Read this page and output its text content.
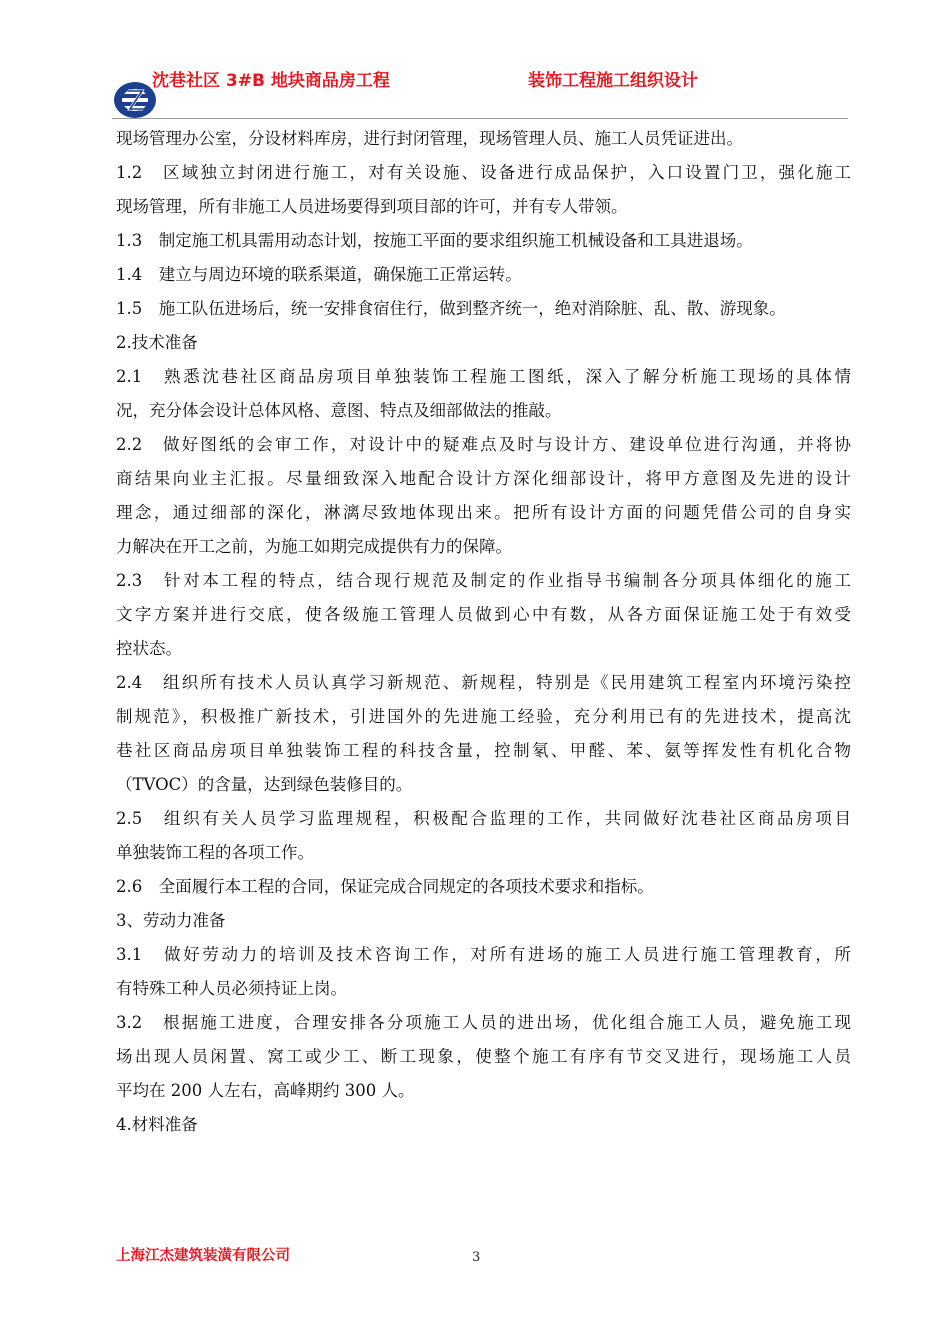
沈巷社区 3#B 地块商品房工程	装饰工程施工组织设计
现场管理办公室，分设材料库房，进行封闭管理，现场管理人员、施工人员凭证进出。
1.2　区域独立封闭进行施工，对有关设施、设备进行成品保护，入口设置门卫，强化施工
现场管理，所有非施工人员进场要得到项目部的许可，并有专人带领。
1.3　制定施工机具需用动态计划，按施工平面的要求组织施工机械设备和工具进退场。
1.4　建立与周边环境的联系渠道，确保施工正常运转。
1.5　施工队伍进场后，统一安排食宿住行，做到整齐统一，绝对消除脏、乱、散、游现象。
2.技术准备
2.1　熟悉沈巷社区商品房项目单独装饰工程施工图纸，深入了解分析施工现场的具体情
况，充分体会设计总体风格、意图、特点及细部做法的推敲。
2.2　做好图纸的会审工作，对设计中的疑难点及时与设计方、建设单位进行沟通，并将协
商结果向业主汇报。尽量细致深入地配合设计方深化细部设计，将甲方意图及先进的设计
理念，通过细部的深化，淋漓尽致地体现出来。把所有设计方面的问题凭借公司的自身实
力解决在开工之前，为施工如期完成提供有力的保障。
2.3　针对本工程的特点，结合现行规范及制定的作业指导书编制各分项具体细化的施工
文字方案并进行交底，使各级施工管理人员做到心中有数，从各方面保证施工处于有效受
控状态。
2.4　组织所有技术人员认真学习新规范、新规程，特别是《民用建筑工程室内环境污染控
制规范》，积极推广新技术，引进国外的先进施工经验，充分利用已有的先进技术，提高沈
巷社区商品房项目单独装饰工程的科技含量，控制氡、甲醛、苯、氨等挥发性有机化合物
（TVOC）的含量，达到绿色装修目的。
2.5　组织有关人员学习监理规程，积极配合监理的工作，共同做好沈巷社区商品房项目
单独装饰工程的各项工作。
2.6　全面履行本工程的合同，保证完成合同规定的各项技术要求和指标。
3、劳动力准备
3.1　做好劳动力的培训及技术咨询工作，对所有进场的施工人员进行施工管理教育，所
有特殊工种人员必须持证上岗。
3.2　根据施工进度，合理安排各分项施工人员的进出场，优化组合施工人员，避免施工现
场出现人员闲置、窝工或少工、断工现象，使整个施工有序有节交叉进行，现场施工人员
平均在 200 人左右，高峰期约 300 人。
4.材料准备
上海江杰建筑装潢有限公司	3
